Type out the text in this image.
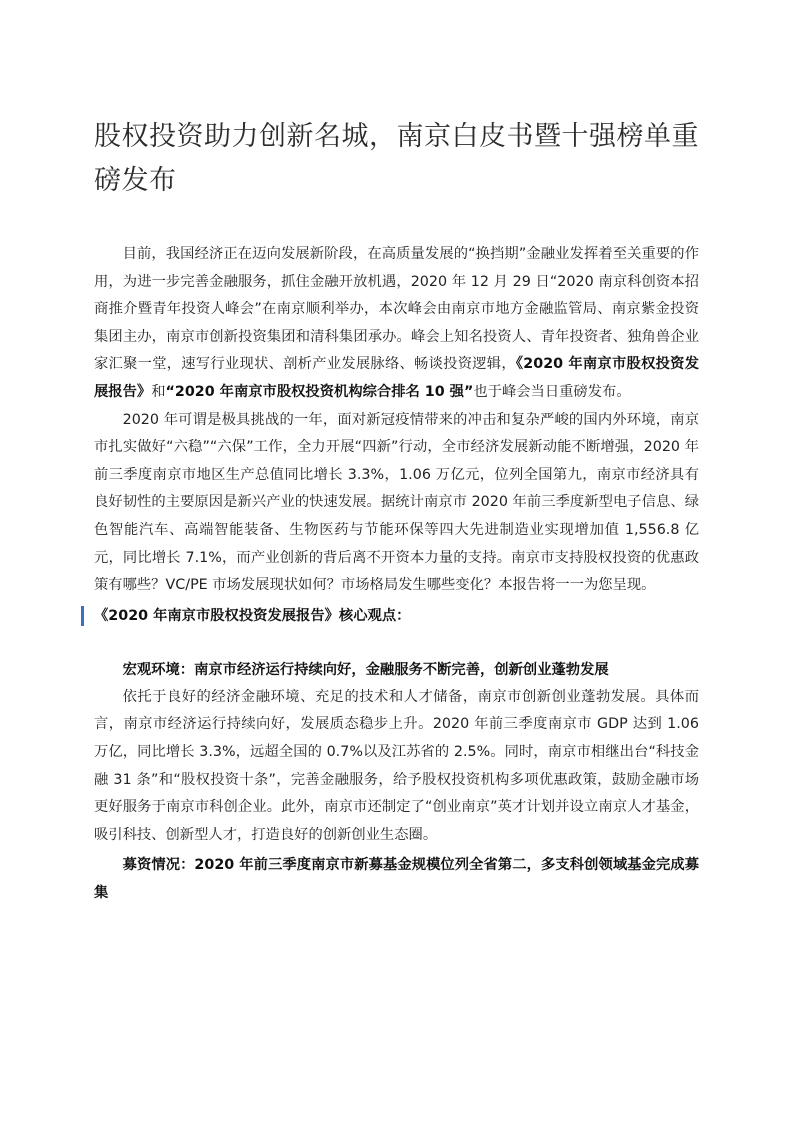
股权投资助力创新名城，南京白皮书暨十强榜单重磅发布

目前，我国经济正在迈向发展新阶段，在高质量发展的“换挡期”金融业发挥着至关重要的作用，为进一步完善金融服务，抓住金融开放机遇，2020 年 12 月 29 日“2020 南京科创资本招商推介暨青年投资人峰会”在南京顺利举办，本次峰会由南京市地方金融监管局、南京紫金投资集团主办，南京市创新投资集团和清科集团承办。峰会上知名投资人、青年投资者、独角兽企业家汇聚一堂，速写行业现状、剖析产业发展脉络、畅谈投资逻辑，《2020 年南京市股权投资发展报告》和“2020 年南京市股权投资机构综合排名 10 强”也于峰会当日重磅发布。

2020 年可谓是极具挑战的一年，面对新冠疫情带来的冲击和复杂严峻的国内外环境，南京市扎实做好“六稳”“六保”工作，全力开展“四新”行动，全市经济发展新动能不断增强，2020 年前三季度南京市地区生产总值同比增长 3.3%，1.06 万亿元，位列全国第九，南京市经济具有良好韧性的主要原因是新兴产业的快速发展。据统计南京市 2020 年前三季度新型电子信息、绿色智能汽车、高端智能装备、生物医药与节能环保等四大先进制造业实现增加值 1,556.8 亿元，同比增长 7.1%，而产业创新的背后离不开资本力量的支持。南京市支持股权投资的优惠政策有哪些？VC/PE 市场发展现状如何？市场格局发生哪些变化？本报告将一一为您呈现。

《2020 年南京市股权投资发展报告》核心观点：

宏观环境：南京市经济运行持续向好，金融服务不断完善，创新创业蓬勃发展

依托于良好的经济金融环境、充足的技术和人才储备，南京市创新创业蓬勃发展。具体而言，南京市经济运行持续向好，发展质态稳步上升。2020 年前三季度南京市 GDP 达到 1.06 万亿，同比增长 3.3%，远超全国的 0.7%以及江苏省的 2.5%。同时，南京市相继出台“科技金融 31 条”和“股权投资十条”，完善金融服务，给予股权投资机构多项优惠政策，鼓励金融市场更好服务于南京市科创企业。此外，南京市还制定了“创业南京”英才计划并设立南京人才基金，吸引科技、创新型人才，打造良好的创新创业生态圈。

募资情况：2020 年前三季度南京市新募基金规模位列全省第二，多支科创领域基金完成募集
